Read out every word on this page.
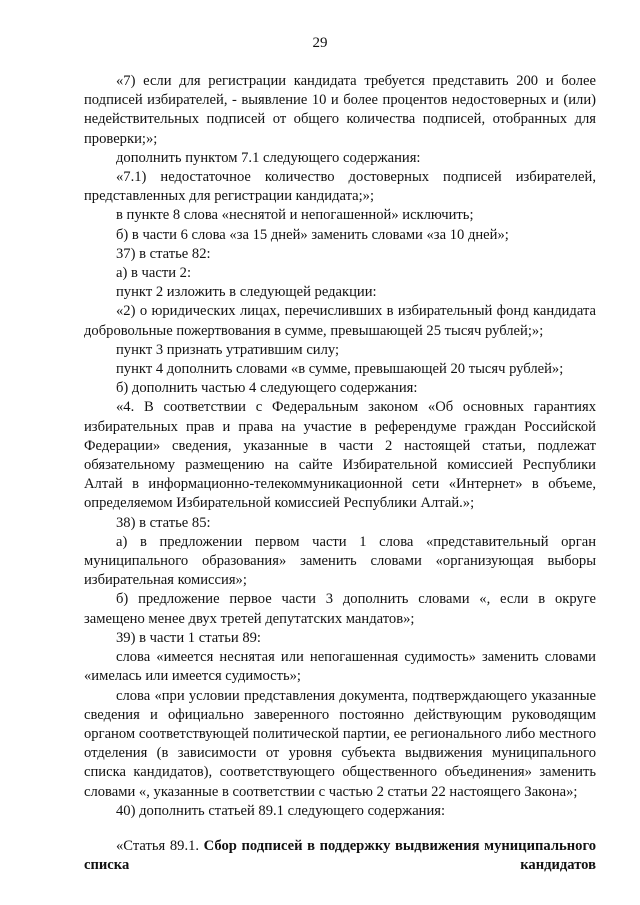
29

«7) если для регистрации кандидата требуется представить 200 и более подписей избирателей, - выявление 10 и более процентов недостоверных и (или) недействительных подписей от общего количества подписей, отобранных для проверки;»;

дополнить пунктом 7.1 следующего содержания:

«7.1) недостаточное количество достоверных подписей избирателей, представленных для регистрации кандидата;»;

в пункте 8 слова «неснятой и непогашенной» исключить;

б) в части 6 слова «за 15 дней» заменить словами «за 10 дней»;

37) в статье 82:

а) в части 2:

пункт 2 изложить в следующей редакции:

«2) о юридических лицах, перечисливших в избирательный фонд кандидата добровольные пожертвования в сумме, превышающей 25 тысяч рублей;»;

пункт 3 признать утратившим силу;

пункт 4 дополнить словами «в сумме, превышающей 20 тысяч рублей»;

б) дополнить частью 4 следующего содержания:

«4. В соответствии с Федеральным законом «Об основных гарантиях избирательных прав и права на участие в референдуме граждан Российской Федерации» сведения, указанные в части 2 настоящей статьи, подлежат обязательному размещению на сайте Избирательной комиссией Республики Алтай в информационно-телекоммуникационной сети «Интернет» в объеме, определяемом Избирательной комиссией Республики Алтай.»;

38) в статье 85:

а) в предложении первом части 1 слова «представительный орган муниципального образования» заменить словами «организующая выборы избирательная комиссия»;

б) предложение первое части 3 дополнить словами «, если в округе замещено менее двух третей депутатских мандатов»;

39) в части 1 статьи 89:

слова «имеется неснятая или непогашенная судимость» заменить словами «имелась или имеется судимость»;

слова «при условии представления документа, подтверждающего указанные сведения и официально заверенного постоянно действующим руководящим органом соответствующей политической партии, ее регионального либо местного отделения (в зависимости от уровня субъекта выдвижения муниципального списка кандидатов), соответствующего общественного объединения» заменить словами «, указанные в соответствии с частью 2 статьи 22 настоящего Закона»;

40) дополнить статьей 89.1 следующего содержания:

«Статья 89.1. Сбор подписей в поддержку выдвижения муниципального списка кандидатов
